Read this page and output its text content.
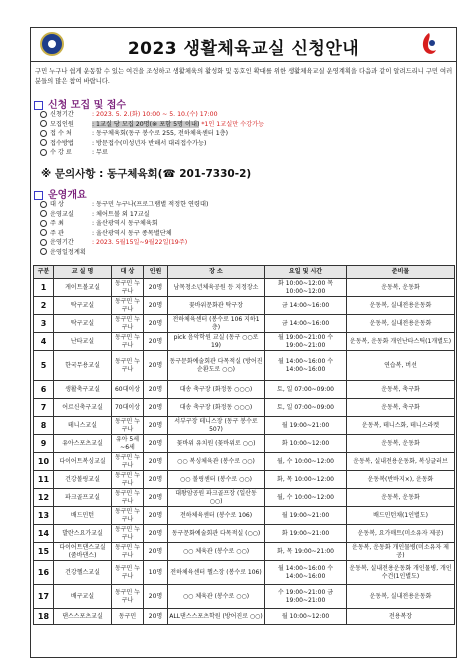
2023 생활체육교실 신청안내
구민 누구나 쉽게 운동할 수 있는 여건을 조성하고 생활체육의 활성화 및 동호인 확대를 위한 생활체육교실 운영계획을 다음과 같이 알려드리니 구민 여러분들의 많은 참여 바랍니다.
신청 모집 및 접수
신청기간	: 2023. 5. 2.(화) 10:00 ~ 5. 10.(수) 17:00
모집인원	: 1교실 당 모집 20명(※ 포함 5명 이내) *1인 1교실만 수강가능
접 수 처	: 동구체육회(동구 봉수로 255, 전하체육센터 1층)
접수방법	: 방문접수(미성년자 반해서 대리접수가능)
수 강 료	: 무료
※ 문의사항 : 동구체육회(☎ 201-7330-2)
운영개요
대 상	: 동구민 누구나(프로그램별 적정한 연령대)
운영교실	: 체어트볼 외 17교실
주 최	: 울산광역시 동구체육회
주 관	: 울산광역시 동구 종목별단체
운영기간	: 2023. 5월15일~9월22일(19주)
운영일정계획
구분	교 실 명	대 상	인원	장 소	요일 및 시간	준비물
1	게이트볼교실	동구민 누구나	20명	남목청소년체육공원 등 지정장소	화 10:00~12:00 목 10:00~12:00	운동복, 운동화
2	탁구교실	동구민 누구나	20명	꽃바위문화관 탁구장	금 14:00~16:00	운동복, 실내전용운동화
3	탁구교실	동구민 누구나	20명	전하체육센터 (봉수로 106 지하1층)	금 14:00~16:00	운동복, 실내전용운동화
4	난타교실	동구민 누구나	20명	pick 음악학원 교실 (동구 ○○로 19)	월 19:00~21:00 수 19:00~21:00	운동복, 운동화 개인난타스틱(1개별도)
5	한국무용교실	동구민 누구나	20명	동구문화예술회관 다목적실 (방어진순환도로 ○○)	월 14:00~16:00 수 14:00~16:00	연습복, 버선
6	생활축구교실	60대이상	20명	대송 축구장 (화정동 ○○○)	토, 일 07:00~09:00	운동복, 축구화
7	어르신축구교실	70대이상	20명	대송 축구장 (화정동 ○○○)	토, 일 07:00~09:00	운동복, 축구화
8	테니스교실	동구민 누구나	20명	서부구장 테니스장 (동구 봉수로 507)	월 19:00~21:00	운동복, 테니스화, 테니스라켓
9	유아스포츠교실	유아 5세~6세	20명	꽃바위 유치원 (꽃바위로 ○○)	화 10:00~12:00	운동복, 운동화
10	다이어트복싱교실	동구민 누구나	20명	○○ 복싱체육관 (봉수로 ○○)	월, 수 10:00~12:00	운동복, 실내전용운동화, 복싱글러브
11	건강볼링교실	동구민 누구나	20명	○○ 볼링센터 (봉수로 ○○)	화, 목 10:00~12:00	운동복(반바지×), 운동화
12	파크골프교실	동구민 누구나	20명	대왕암공원 파크골프장 (일산동 ○○)	월, 수 10:00~12:00	운동복, 운동화
13	배드민턴	동구민 누구나	20명	전하체육센터 (봉수로 106)	월 19:00~21:00	배드민턴채(1인별도)
14	발란스요가교실	동구민 누구나	20명	동구문화예술회관 다목적실 (○○)	화 19:00~21:00	운동복, 요가매트(미소유자 제공)
15	다이어트댄스교실 (줌바댄스)	동구민 누구나	20명	○○ 체육관 (봉수로 ○○)	화, 목 19:00~21:00	운동복, 운동화 개인물병(미소유자 제공)
16	건강헬스교실	동구민 누구나	10명	전하체육센터 헬스장 (봉수로 106)	월 14:00~16:00 수 14:00~16:00	운동복, 실내전용운동화 개인물병, 개인수건(1인별도)
17	배구교실	동구민 누구나	20명	○○ 체육관 (봉수로 ○○)	수 19:00~21:00 금 19:00~21:00	운동복, 실내전용운동화
18	댄스스포츠교실	동구민	20명	ALL댄스스포츠학원 (방어진로 ○○)	월 10:00~12:00	전용복장
